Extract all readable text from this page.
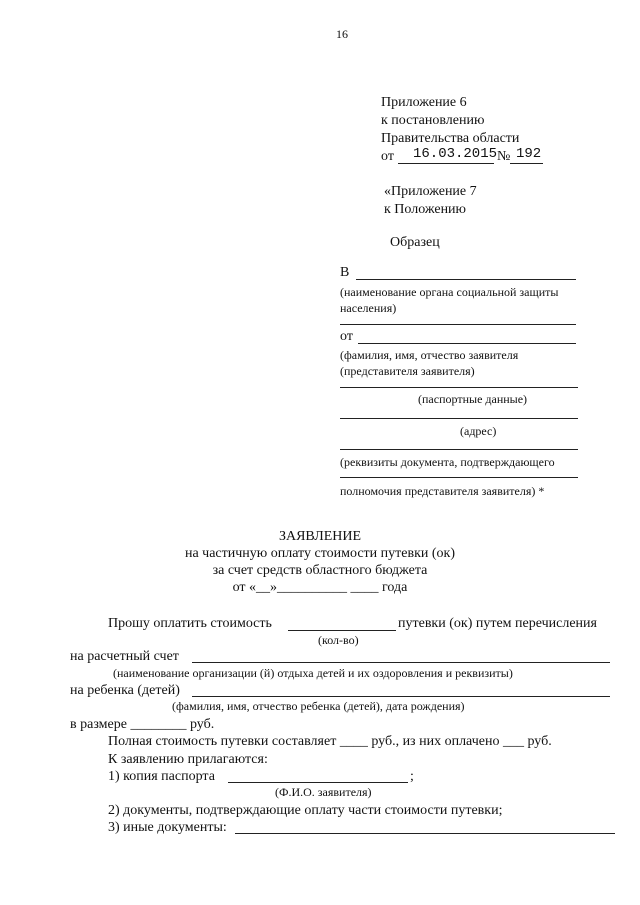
16
Приложение 6
к постановлению
Правительства области
от 16.03.2015 № 192
«Приложение 7
к Положению
Образец
В
(наименование органа социальной защиты
населения)
от
(фамилия, имя, отчество заявителя
(представителя заявителя)
(паспортные данные)
(адрес)
(реквизиты документа, подтверждающего
полномочия представителя заявителя) *
ЗАЯВЛЕНИЕ
на частичную оплату стоимости путевки (ок)
за счет средств областного бюджета
от «__»__________ ____ года
Прошу оплатить стоимость	путевки (ок) путем перечисления
(кол-во)
на расчетный счет
(наименование организации (й) отдыха детей и их оздоровления и реквизиты)
на ребенка (детей)
(фамилия, имя, отчество ребенка (детей), дата рождения)
в размере ________ руб.
Полная стоимость путевки составляет ____ руб., из них оплачено ___ руб.
К заявлению прилагаются:
1) копия паспорта	;
(Ф.И.О. заявителя)
2) документы, подтверждающие оплату части стоимости путевки;
3) иные документы:
